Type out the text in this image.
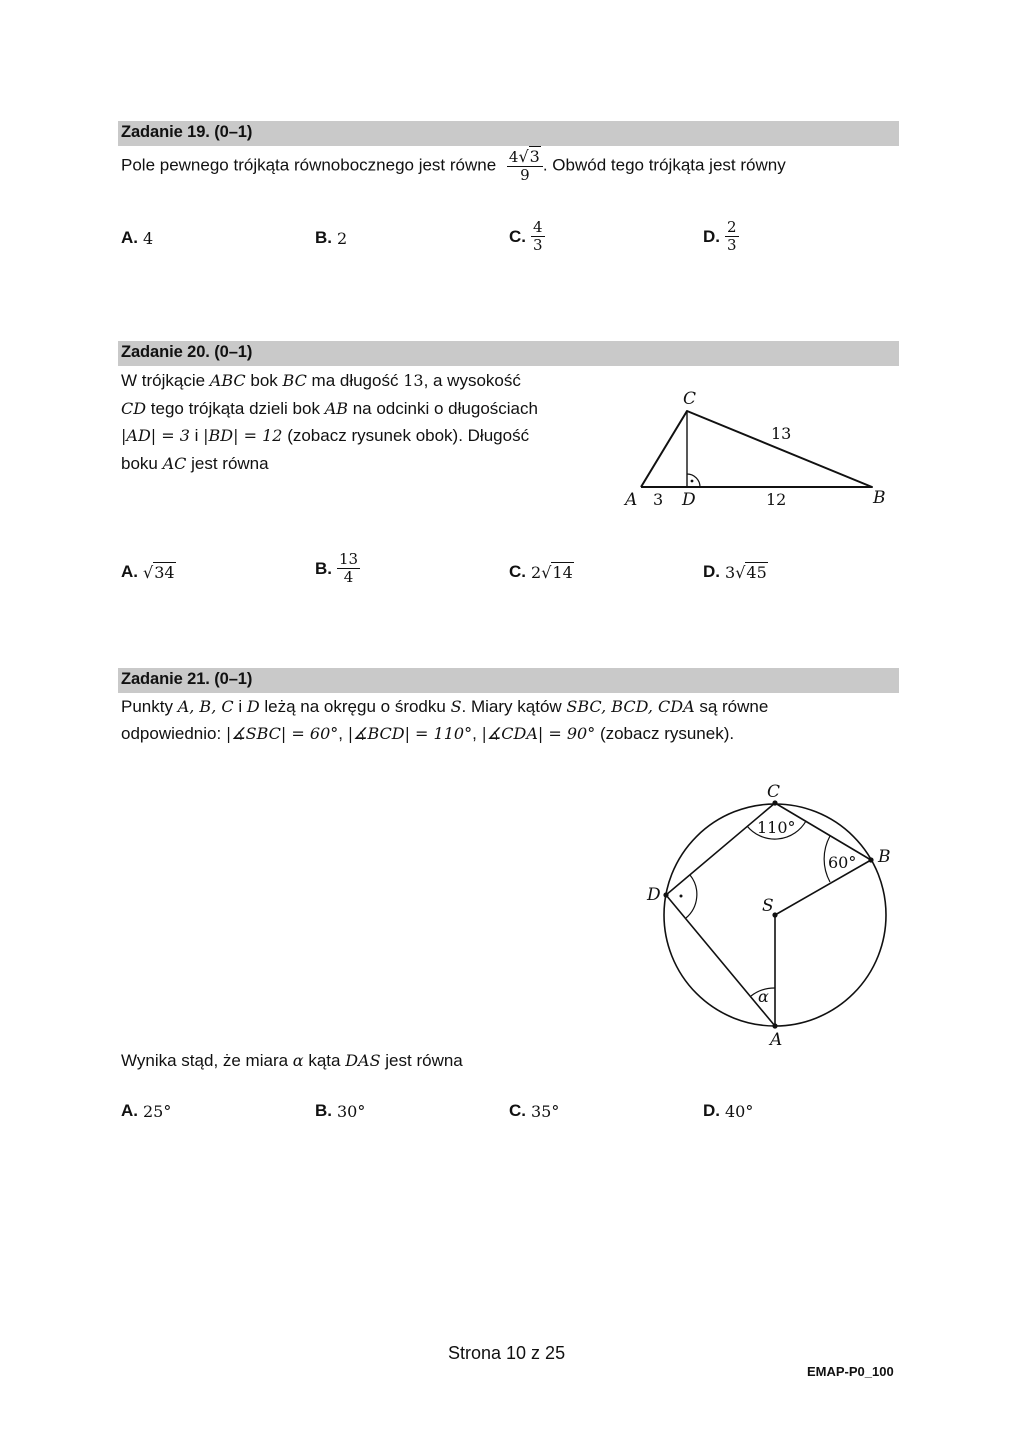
Zadanie 19. (0–1)
Pole pewnego trójkąta równobocznego jest równe $\frac{4√3}{9}$ . Obwód tego trójkąta jest równy
A. 4	B. 2	C. $\frac{4}{3}$	D. $\frac{2}{3}$
Zadanie 20. (0–1)
W trójkącie ABC bok BC ma długość 13, a wysokość
CD tego trójkąta dzieli bok AB na odcinki o długościach
|AD| = 3 i |BD| = 12 (zobacz rysunek obok). Długość
boku AC jest równa
C
A	D	B
3	12
13
C
B
D
S
A
α
110°
60°
A. √34	B. $\frac{13}{4}$	C. 2 √14	D. 3 √45
Zadanie 21. (0–1)
Punkty A, B, C i D leżą na okręgu o środku S. Miary kątów SBC, BCD, CDA są równe
odpowiednio: |∡SBC| = 60°, |∡BCD| = 110°, |∡CDA| = 90° (zobacz rysunek).
Wynika stąd, że miara α kąta DAS jest równa
A. 25°	B. 30°	C. 35°	D. 40°
Strona 10 z 25
EMAP-P0_100
